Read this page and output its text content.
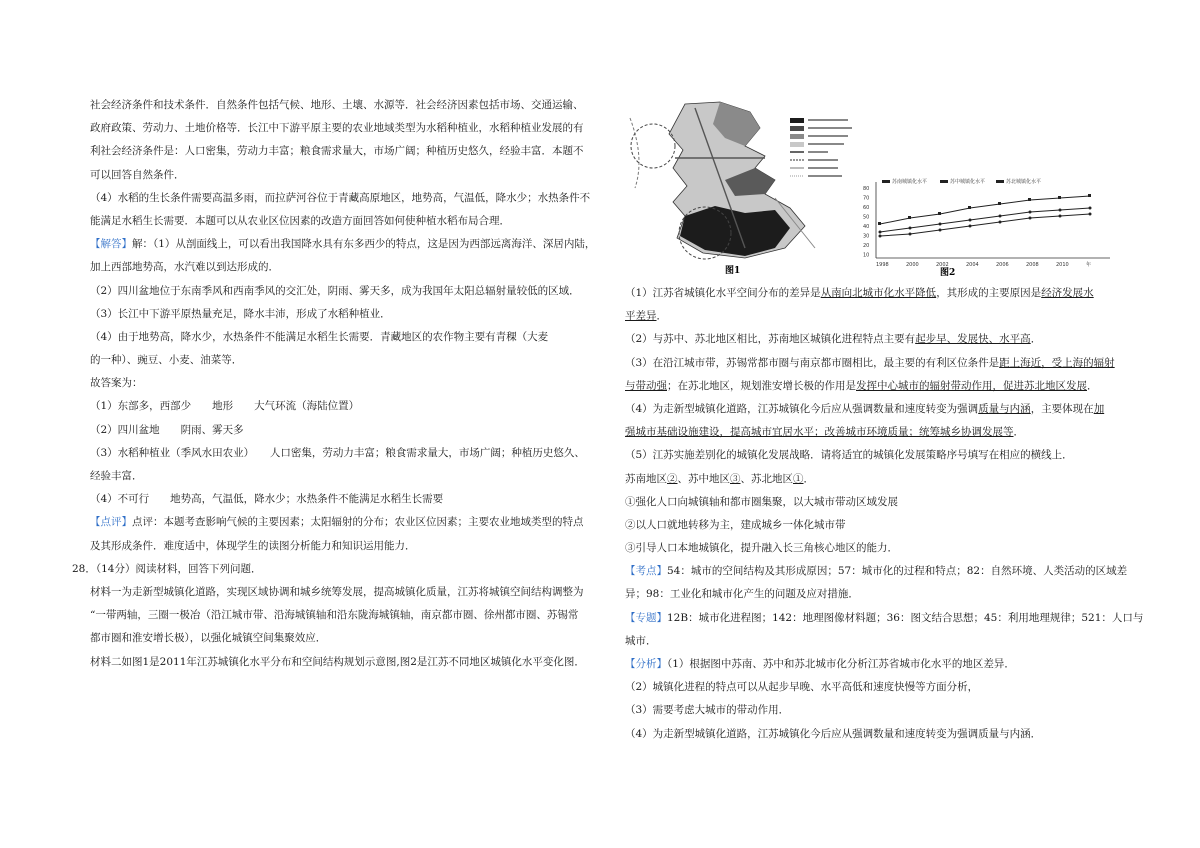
社会经济条件和技术条件．自然条件包括气候、地形、土壤、水源等．社会经济因素包括市场、交通运输、
政府政策、劳动力、土地价格等．长江中下游平原主要的农业地域类型为水稻种植业，水稻种植业发展的有
利社会经济条件是：人口密集，劳动力丰富；粮食需求量大，市场广阔；种植历史悠久，经验丰富．本题不
可以回答自然条件．
（4）水稻的生长条件需要高温多雨，而拉萨河谷位于青藏高原地区，地势高，气温低，降水少；水热条件不
能满足水稻生长需要．本题可以从农业区位因素的改造方面回答如何使种植水稻布局合理．
【解答】解：（1）从剖面线上，可以看出我国降水具有东多西少的特点，这是因为西部远离海洋、深居内陆，
加上西部地势高，水汽难以到达形成的．
（2）四川盆地位于东南季风和西南季风的交汇处，阴雨、雾天多，成为我国年太阳总辐射量较低的区域．
（3）长江中下游平原热量充足，降水丰沛，形成了水稻种植业．
（4）由于地势高，降水少，水热条件不能满足水稻生长需要．青藏地区的农作物主要有青稞（大麦
的一种）、豌豆、小麦、油菜等．
故答案为：
（1）东部多，西部少　　地形　　大气环流（海陆位置）
（2）四川盆地　　阴雨、雾天多
（3）水稻种植业（季风水田农业）　　人口密集，劳动力丰富；粮食需求量大，市场广阔；种植历史悠久、
经验丰富．
（4）不可行　　地势高，气温低，降水少；水热条件不能满足水稻生长需要
【点评】点评：本题考查影响气候的主要因素；太阳辐射的分布；农业区位因素；主要农业地域类型的特点
及其形成条件．难度适中，体现学生的读图分析能力和知识运用能力．
28．（14分）阅读材料，回答下列问题．
材料一为走新型城镇化道路，实现区域协调和城乡统筹发展，提高城镇化质量，江苏将城镇空间结构调整为
“一带两轴，三圈一极冶（沿江城市带、沿海城镇轴和沿东陇海城镇轴，南京都市圈、徐州都市圈、苏锡常
都市圈和淮安增长极），以强化城镇空间集聚效应．
材料二如图1是2011年江苏城镇化水平分布和空间结构规划示意图,图2是江苏不同地区城镇化水平变化图．
图1
80
70
60
50
40
30
20
10
1998	2000	2002	2004	2006	2008	2010	年
苏南城镇化水平	苏中城镇化水平	苏北城镇化水平
图2
（1）江苏省城镇化水平空间分布的差异是从南向北城市化水平降低，其形成的主要原因是经济发展水
平差异．
（2）与苏中、苏北地区相比，苏南地区城镇化进程特点主要有起步早、发展快、水平高．
（3）在沿江城市带，苏锡常都市圈与南京都市圈相比，最主要的有利区位条件是距上海近，受上海的辐射
与带动强；在苏北地区，规划淮安增长极的作用是发挥中心城市的辐射带动作用，促进苏北地区发展．
（4）为走新型城镇化道路，江苏城镇化今后应从强调数量和速度转变为强调质量与内涵，主要体现在加
强城市基础设施建设，提高城市宜居水平；改善城市环境质量；统筹城乡协调发展等．
（5）江苏实施差别化的城镇化发展战略．请将适宜的城镇化发展策略序号填写在相应的横线上．
苏南地区②、苏中地区③、苏北地区①．
①强化人口向城镇轴和都市圈集聚，以大城市带动区域发展
②以人口就地转移为主，建成城乡一体化城市带
③引导人口本地城镇化，提升融入长三角核心地区的能力．
【考点】54：城市的空间结构及其形成原因；57：城市化的过程和特点；82：自然环境、人类活动的区域差
异；98：工业化和城市化产生的问题及应对措施．
【专题】12B：城市化进程图；142：地理图像材料题；36：图文结合思想；45：利用地理规律；521：人口与
城市．
【分析】（1）根据图中苏南、苏中和苏北城市化分析江苏省城市化水平的地区差异．
（2）城镇化进程的特点可以从起步早晚、水平高低和速度快慢等方面分析，
（3）需要考虑大城市的带动作用．
（4）为走新型城镇化道路，江苏城镇化今后应从强调数量和速度转变为强调质量与内涵．
